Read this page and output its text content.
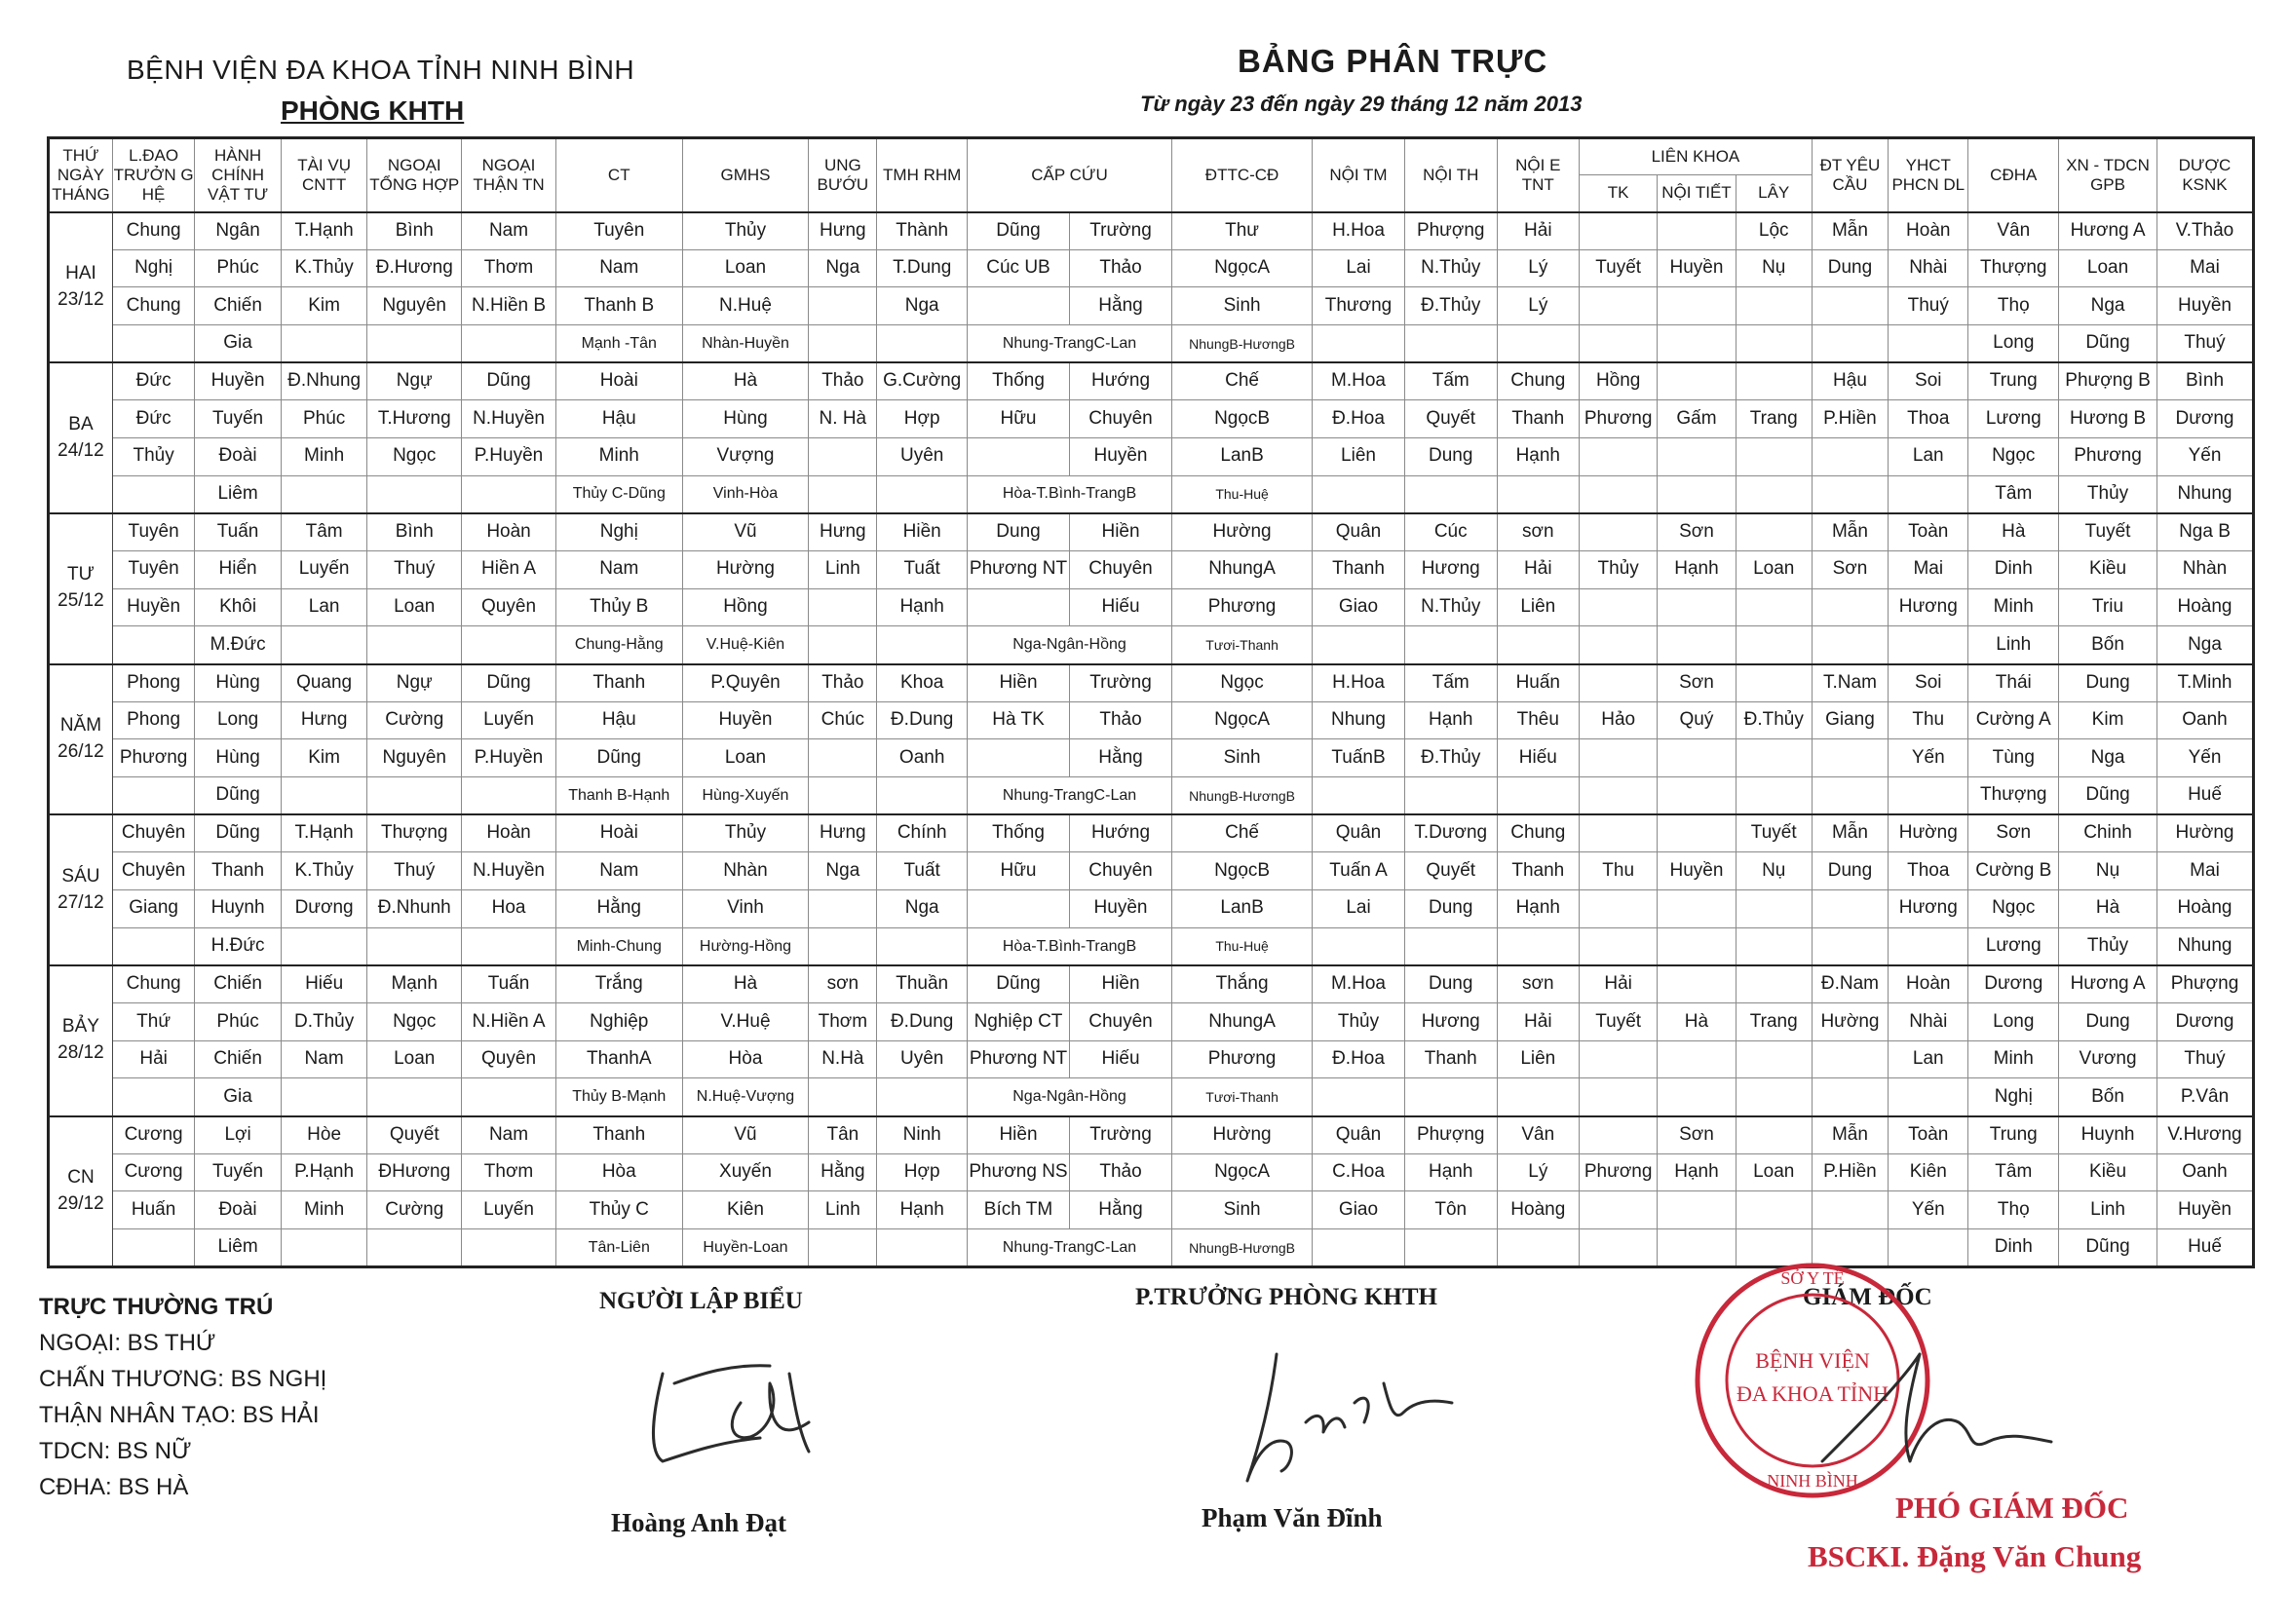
BỆNH VIỆN ĐA KHOA TỈNH NINH BÌNH
PHÒNG KHTH
BẢNG PHÂN TRỰC
Từ ngày 23 đến ngày 29 tháng 12 năm 2013
THỨ NGÀY THÁNG	L.ĐAO TRƯỞN G HỆ	HÀNH CHÍNH VẬT TƯ	TÀI VỤ CNTT	NGOẠI TỔNG HỢP	NGOẠI THẬN TN	CT	GMHS	UNG BƯỚU	TMH RHM	CẤP CỨU		ĐTTC-CĐ	NỘI TM	NỘI TH	NỘI E TNT	LIÊN KHOA			ĐT YÊU CẦU	YHCT PHCN DL	CĐHA	XN - TDCN GPB	DƯỢC KSNK
																TK	NỘI TIẾT	LÂY					

HAI
23/12	Chung	Ngân	T.Hạnh	Bình	Nam	Tuyên	Thủy	Hưng	Thành	Dũng	Trường	Thư	H.Hoa	Phượng	Hải			Lộc	Mẫn	Hoàn	Vân	Hương A	V.Thảo
	Nghị	Phúc	K.Thủy	Đ.Hương	Thơm	Nam	Loan	Nga	T.Dung	Cúc UB	Thảo	NgọcA	Lai	N.Thủy	Lý	Tuyết	Huyền	Nụ	Dung	Nhài	Thượng	Loan	Mai
	Chung	Chiến	Kim	Nguyên	N.Hiền B	Thanh B	N.Huệ		Nga		Hằng	Sinh	Thương	Đ.Thủy	Lý					Thuý	Thọ	Nga	Huyền
		Gia				Mạnh -Tân	Nhàn-Huyền			Nhung-TrangC-Lan		NhungB-HươngB									Long	Dũng	Thuý

BA
24/12	Đức	Huyền	Đ.Nhung	Ngự	Dũng	Hoài	Hà	Thảo	G.Cường	Thống	Hướng	Chế	M.Hoa	Tấm	Chung	Hồng			Hậu	Soi	Trung	Phượng B	Bình
	Đức	Tuyến	Phúc	T.Hương	N.Huyền	Hậu	Hùng	N. Hà	Hợp	Hữu	Chuyên	NgọcB	Đ.Hoa	Quyết	Thanh	Phương	Gấm	Trang	P.Hiền	Thoa	Lương	Hương B	Dương
	Thủy	Đoài	Minh	Ngọc	P.Huyền	Minh	Vượng		Uyên		Huyền	LanB	Liên	Dung	Hạnh					Lan	Ngọc	Phương	Yến
		Liêm				Thủy C-Dũng	Vinh-Hòa			Hòa-T.Bình-TrangB		Thu-Huệ									Tâm	Thủy	Nhung

TƯ
25/12	Tuyên	Tuấn	Tâm	Bình	Hoàn	Nghị	Vũ	Hưng	Hiền	Dung	Hiền	Hường	Quân	Cúc	sơn		Sơn		Mẫn	Toàn	Hà	Tuyết	Nga B
	Tuyên	Hiển	Luyến	Thuý	Hiền A	Nam	Hường	Linh	Tuất	Phương NT	Chuyên	NhungA	Thanh	Hương	Hải	Thủy	Hạnh	Loan	Sơn	Mai	Dinh	Kiều	Nhàn
	Huyền	Khôi	Lan	Loan	Quyên	Thủy B	Hồng		Hạnh		Hiếu	Phương	Giao	N.Thủy	Liên					Hương	Minh	Triu	Hoàng
		M.Đức				Chung-Hằng	V.Huệ-Kiên			Nga-Ngân-Hồng		Tươi-Thanh									Linh	Bốn	Nga

NĂM
26/12	Phong	Hùng	Quang	Ngự	Dũng	Thanh	P.Quyên	Thảo	Khoa	Hiền	Trường	Ngọc	H.Hoa	Tấm	Huấn		Sơn		T.Nam	Soi	Thái	Dung	T.Minh
	Phong	Long	Hưng	Cường	Luyến	Hậu	Huyền	Chúc	Đ.Dung	Hà TK	Thảo	NgọcA	Nhung	Hạnh	Thêu	Hảo	Quý	Đ.Thủy	Giang	Thu	Cường A	Kim	Oanh
	Phương	Hùng	Kim	Nguyên	P.Huyền	Dũng	Loan		Oanh		Hằng	Sinh	TuấnB	Đ.Thủy	Hiếu					Yến	Tùng	Nga	Yến
		Dũng				Thanh B-Hạnh	Hùng-Xuyến			Nhung-TrangC-Lan		NhungB-HươngB									Thượng	Dũng	Huế

SÁU
27/12	Chuyên	Dũng	T.Hạnh	Thượng	Hoàn	Hoài	Thủy	Hưng	Chính	Thống	Hướng	Chế	Quân	T.Dương	Chung			Tuyết	Mẫn	Hường	Sơn	Chinh	Hường
	Chuyên	Thanh	K.Thủy	Thuý	N.Huyền	Nam	Nhàn	Nga	Tuất	Hữu	Chuyên	NgọcB	Tuấn A	Quyết	Thanh	Thu	Huyền	Nụ	Dung	Thoa	Cường B	Nụ	Mai
	Giang	Huynh	Dương	Đ.Nhunh	Hoa	Hằng	Vinh		Nga		Huyền	LanB	Lai	Dung	Hạnh					Hương	Ngọc	Hà	Hoàng
		H.Đức				Minh-Chung	Hường-Hồng			Hòa-T.Bình-TrangB		Thu-Huệ									Lương	Thủy	Nhung

BẢY
28/12	Chung	Chiến	Hiếu	Mạnh	Tuấn	Trắng	Hà	sơn	Thuần	Dũng	Hiền	Thắng	M.Hoa	Dung	sơn	Hải			Đ.Nam	Hoàn	Dương	Hương A	Phượng
	Thứ	Phúc	D.Thủy	Ngọc	N.Hiền A	Nghiệp	V.Huệ	Thơm	Đ.Dung	Nghiệp CT	Chuyên	NhungA	Thủy	Hương	Hải	Tuyết	Hà	Trang	Hường	Nhài	Long	Dung	Dương
	Hải	Chiến	Nam	Loan	Quyên	ThanhA	Hòa	N.Hà	Uyên	Phương NT	Hiếu	Phương	Đ.Hoa	Thanh	Liên					Lan	Minh	Vương	Thuý
		Gia				Thủy B-Mạnh	N.Huệ-Vượng			Nga-Ngân-Hồng		Tươi-Thanh									Nghị	Bốn	P.Vân

CN
29/12	Cương	Lợi	Hòe	Quyết	Nam	Thanh	Vũ	Tân	Ninh	Hiền	Trường	Hường	Quân	Phượng	Vân		Sơn		Mẫn	Toàn	Trung	Huynh	V.Hương
	Cương	Tuyến	P.Hạnh	ĐHương	Thơm	Hòa	Xuyến	Hằng	Hợp	Phương NS	Thảo	NgọcA	C.Hoa	Hạnh	Lý	Phương	Hạnh	Loan	P.Hiền	Kiên	Tâm	Kiều	Oanh
	Huấn	Đoài	Minh	Cường	Luyến	Thủy C	Kiên	Linh	Hạnh	Bích TM	Hằng	Sinh	Giao	Tôn	Hoàng					Yến	Thọ	Linh	Huyền
		Liêm				Tân-Liên	Huyền-Loan			Nhung-TrangC-Lan		NhungB-HươngB									Dinh	Dũng	Huế
TRỰC THƯỜNG TRÚ
NGOẠI: BS THỨ
CHẤN THƯƠNG: BS NGHỊ
THẬN NHÂN TẠO: BS HẢI
TDCN: BS NỮ
CĐHA: BS HÀ
NGƯỜI LẬP BIỂU
Hoàng Anh Đạt
P.TRƯỞNG PHÒNG KHTH
Phạm Văn Đĩnh
GIÁM ĐỐC
BỆNH VIỆN
ĐA KHOA TỈNH
SỞ Y TẾ
NINH BÌNH
PHÓ GIÁM ĐỐC
BSCKI. Đặng Văn Chung
